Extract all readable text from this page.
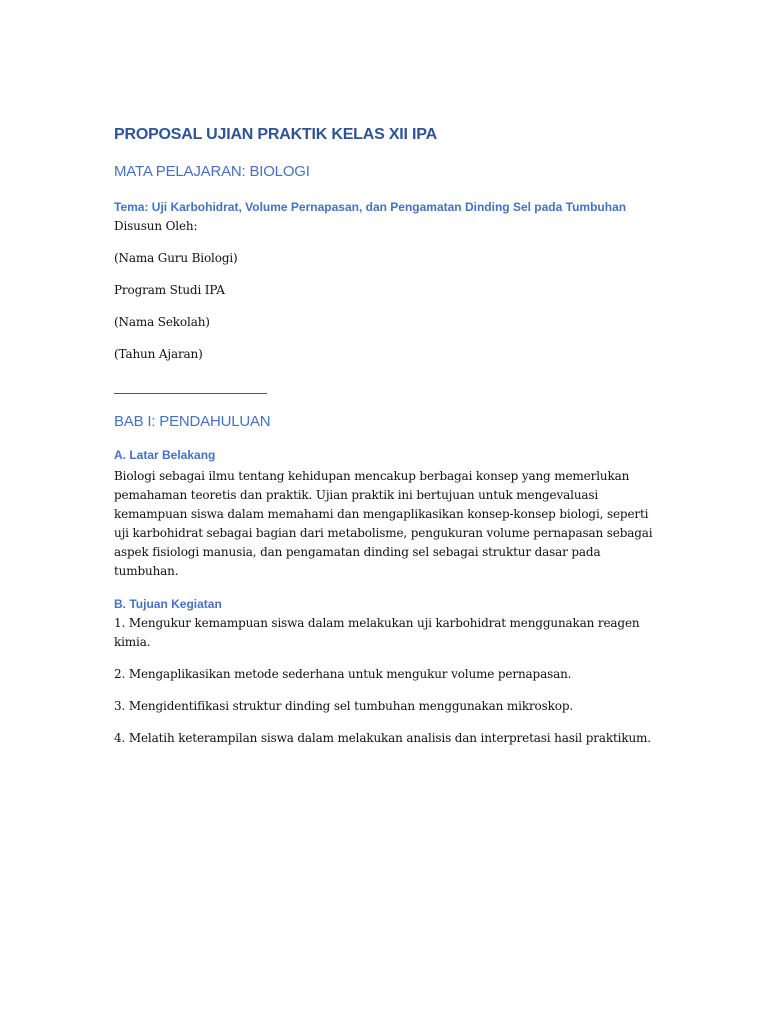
PROPOSAL UJIAN PRAKTIK KELAS XII IPA
MATA PELAJARAN: BIOLOGI
Tema: Uji Karbohidrat, Volume Pernapasan, dan Pengamatan Dinding Sel pada Tumbuhan
Disusun Oleh:
(Nama Guru Biologi)
Program Studi IPA
(Nama Sekolah)
(Tahun Ajaran)
BAB I: PENDAHULUAN
A. Latar Belakang
Biologi sebagai ilmu tentang kehidupan mencakup berbagai konsep yang memerlukan
pemahaman teoretis dan praktik. Ujian praktik ini bertujuan untuk mengevaluasi
kemampuan siswa dalam memahami dan mengaplikasikan konsep-konsep biologi, seperti
uji karbohidrat sebagai bagian dari metabolisme, pengukuran volume pernapasan sebagai
aspek fisiologi manusia, dan pengamatan dinding sel sebagai struktur dasar pada
tumbuhan.
B. Tujuan Kegiatan
1. Mengukur kemampuan siswa dalam melakukan uji karbohidrat menggunakan reagen
kimia.
2. Mengaplikasikan metode sederhana untuk mengukur volume pernapasan.
3. Mengidentifikasi struktur dinding sel tumbuhan menggunakan mikroskop.
4. Melatih keterampilan siswa dalam melakukan analisis dan interpretasi hasil praktikum.
